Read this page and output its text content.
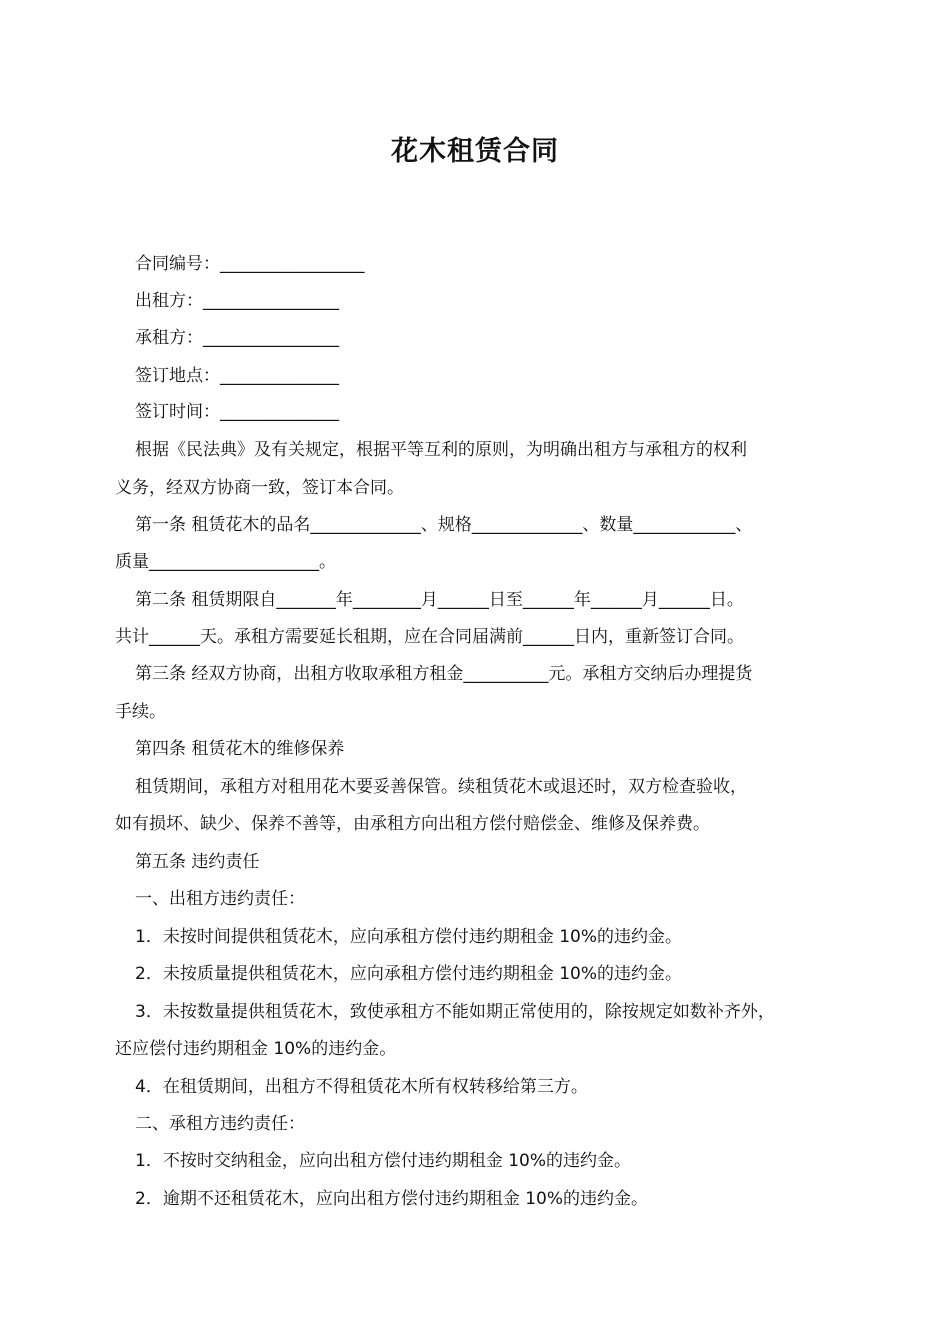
花木租赁合同
合同编号：_________________
出租方：________________
承租方：________________
签订地点：______________
签订时间：______________
根据《民法典》及有关规定，根据平等互利的原则，为明确出租方与承租方的权利
义务，经双方协商一致，签订本合同。
第一条 租赁花木的品名_____________、规格_____________、数量____________、
质量____________________。
第二条 租赁期限自_______年________月______日至______年______月______日。
共计______天。承租方需要延长租期，应在合同届满前______日内，重新签订合同。
第三条 经双方协商，出租方收取承租方租金__________元。承租方交纳后办理提货
手续。
第四条 租赁花木的维修保养
租赁期间，承租方对租用花木要妥善保管。续租赁花木或退还时，双方检查验收，
如有损坏、缺少、保养不善等，由承租方向出租方偿付赔偿金、维修及保养费。
第五条 违约责任
一、出租方违约责任：
1．未按时间提供租赁花木，应向承租方偿付违约期租金 10%的违约金。
2．未按质量提供租赁花木，应向承租方偿付违约期租金 10%的违约金。
3．未按数量提供租赁花木，致使承租方不能如期正常使用的，除按规定如数补齐外，
还应偿付违约期租金 10%的违约金。
4．在租赁期间，出租方不得租赁花木所有权转移给第三方。
二、承租方违约责任：
1．不按时交纳租金，应向出租方偿付违约期租金 10%的违约金。
2．逾期不还租赁花木，应向出租方偿付违约期租金 10%的违约金。
